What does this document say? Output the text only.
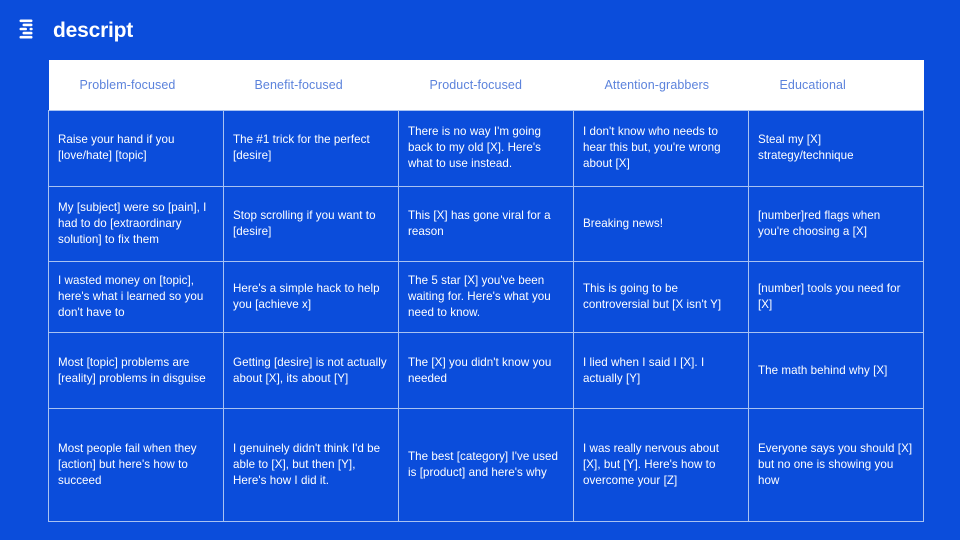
descript
Problem-focused	Benefit-focused	Product-focused	Attention-grabbers	Educational
Raise your hand if you [love/hate] [topic]	The #1 trick for the perfect [desire]	There is no way I'm going back to my old [X]. Here's what to use instead.	I don't know who needs to hear this but, you're wrong about [X]	Steal my [X] strategy/technique
My [subject] were so [pain], I had to do [extraordinary solution] to fix them	Stop scrolling if you want to [desire]	This [X] has gone viral for a reason	Breaking news!	[number]red flags when you're choosing a [X]
I wasted money on [topic], here's what i learned so you don't have to	Here's a simple hack to help you [achieve x]	The 5 star [X] you've been waiting for. Here's what you need to know.	This is going to be controversial but [X isn't Y]	[number] tools you need for [X]
Most [topic] problems are [reality] problems in disguise	Getting [desire] is not actually about [X], its about [Y]	The [X] you didn't know you needed	I lied when I said I [X]. I actually [Y]	The math behind why [X]
Most people fail when they [action] but here's how to succeed	I genuinely didn't think I'd be able to [X], but then [Y], Here's how I did it.	The best [category] I've used is [product] and here's why	I was really nervous about [X], but [Y]. Here's how to overcome your [Z]	Everyone says you should [X] but no one is showing you how
